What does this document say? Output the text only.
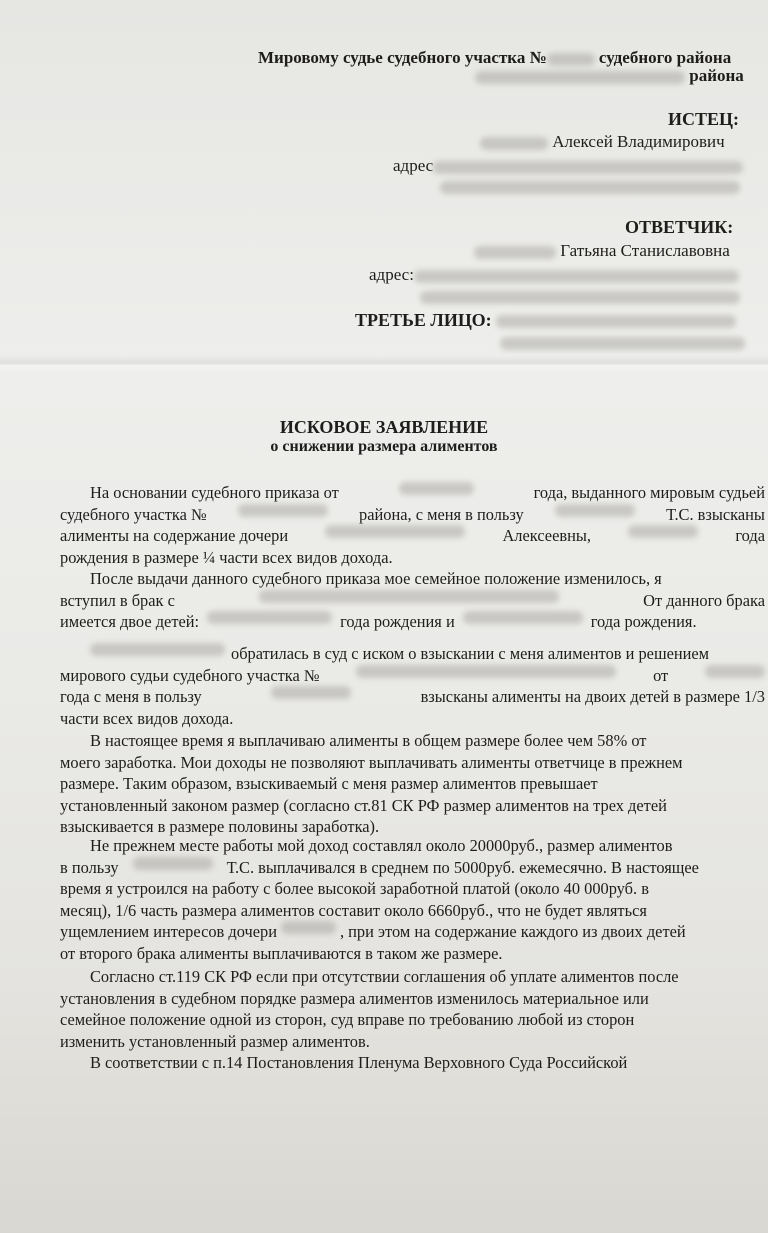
Мировому судье судебного участка №	судебного района
района
ИСТЕЦ:
Алексей Владимирович
адрес
ОТВЕТЧИК:
Гатьяна Станиславовна
адрес:
ТРЕТЬЕ ЛИЦО:
ИСКОВОЕ ЗАЯВЛЕНИЕ
о снижении размера алиментов
На основании судебного приказа от	года, выданного мировым судьей
судебного участка №	района, с меня в пользу	Т.С. взысканы
алименты на содержание дочери	Алексеевны,	года
рождения в размере ¼ части всех видов дохода.
После выдачи данного судебного приказа мое семейное положение изменилось, я
вступил в брак с	От данного брака
имеется двое детей:	года рождения и	года рождения.
обратилась в суд с иском о взыскании с меня алиментов и решением
мирового судьи судебного участка №	от
года с меня в пользу	взысканы алименты на двоих детей в размере 1/3
части всех видов дохода.
В настоящее время я выплачиваю алименты в общем размере более чем 58% от
моего заработка. Мои доходы не позволяют выплачивать алименты ответчице в прежнем
размере. Таким образом, взыскиваемый с меня размер алиментов превышает
установленный законом размер (согласно ст.81 СК РФ размер алиментов на трех детей
взыскивается в размере половины заработка).
Не прежнем месте работы мой доход составлял около 20000руб., размер алиментов
в пользу	Т.С. выплачивался в среднем по 5000руб. ежемесячно. В настоящее
время я устроился на работу с более высокой заработной платой (около 40 000руб. в
месяц), 1/6 часть размера алиментов составит около 6660руб., что не будет являться
ущемлением интересов дочери	, при этом на содержание каждого из двоих детей
от второго брака алименты выплачиваются в таком же размере.
Согласно ст.119 СК РФ если при отсутствии соглашения об уплате алиментов после
установления в судебном порядке размера алиментов изменилось материальное или
семейное положение одной из сторон, суд вправе по требованию любой из сторон
изменить установленный размер алиментов.
В соответствии с п.14 Постановления Пленума Верховного Суда Российской
